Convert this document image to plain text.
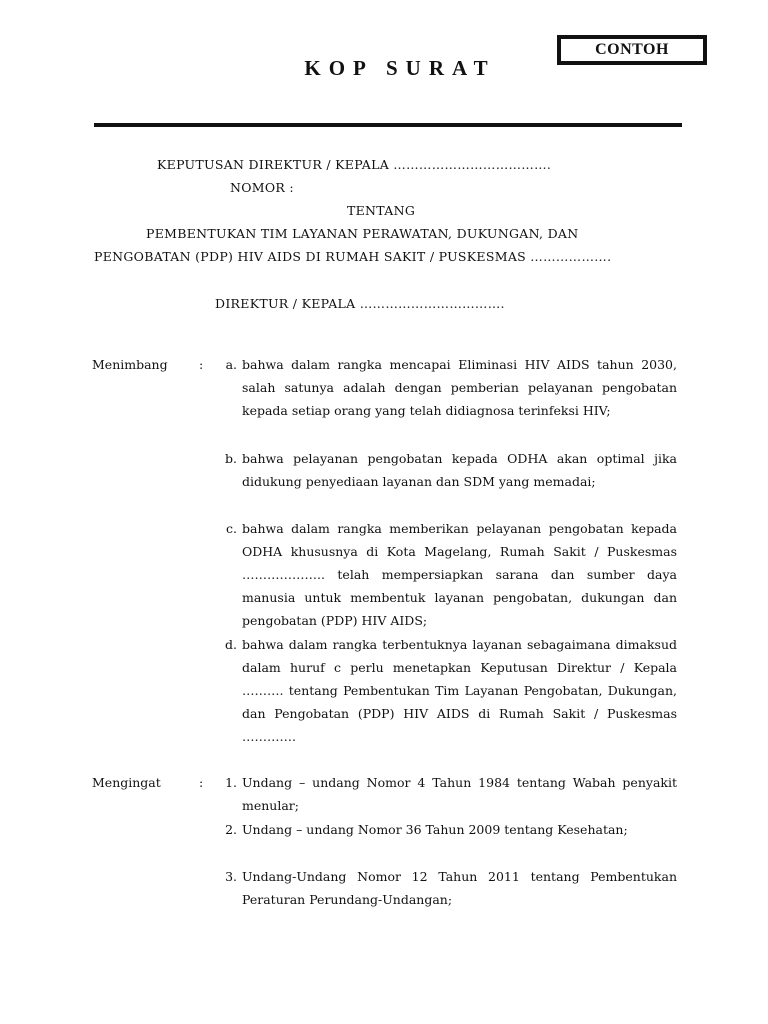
CONTOH
KOP SURAT
KEPUTUSAN DIREKTUR / KEPALA ……………………………….
NOMOR :
TENTANG
PEMBENTUKAN TIM LAYANAN PERAWATAN, DUKUNGAN, DAN
PENGOBATAN (PDP) HIV AIDS DI RUMAH SAKIT / PUSKESMAS ……………….
DIREKTUR / KEPALA …………………………….
Menimbang	:	a. bahwa dalam rangka mencapai Eliminasi HIV AIDS tahun 2030, salah satunya adalah dengan pemberian pelayanan pengobatan kepada setiap orang yang telah didiagnosa terinfeksi HIV;
b. bahwa pelayanan pengobatan kepada ODHA akan optimal jika didukung penyediaan layanan dan SDM yang memadai;
c. bahwa dalam rangka memberikan pelayanan pengobatan kepada ODHA khususnya di Kota Magelang, Rumah Sakit / Puskesmas ……………….. telah mempersiapkan sarana dan sumber daya manusia untuk membentuk layanan pengobatan, dukungan dan pengobatan (PDP) HIV AIDS;
d. bahwa dalam rangka terbentuknya layanan sebagaimana dimaksud dalam huruf c perlu menetapkan Keputusan Direktur / Kepala ………. tentang Pembentukan Tim Layanan Pengobatan, Dukungan, dan Pengobatan (PDP) HIV AIDS di Rumah Sakit / Puskesmas ………….
Mengingat	:	1. Undang – undang Nomor 4 Tahun 1984 tentang Wabah penyakit menular;
2. Undang – undang Nomor 36 Tahun 2009 tentang Kesehatan;
3. Undang-Undang Nomor 12 Tahun 2011 tentang Pembentukan Peraturan Perundang-Undangan;
